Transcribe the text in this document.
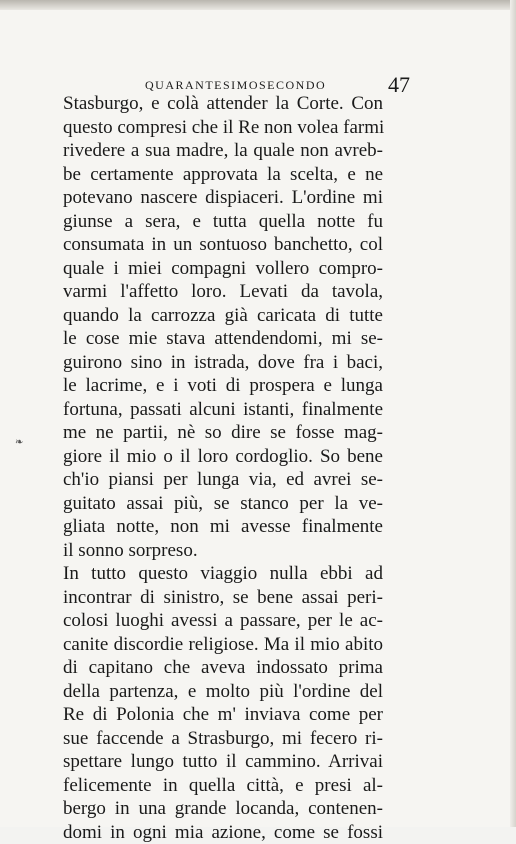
QUARANTESIMOSECONDO	47
❧
Stasburgo, e colà attender la Corte. Con
questo compresi che il Re non volea farmi
rivedere a sua madre, la quale non avreb-
be certamente approvata la scelta, e ne
potevano nascere dispiaceri. L'ordine mi
giunse a sera, e tutta quella notte fu
consumata in un sontuoso banchetto, col
quale i miei compagni vollero compro-
varmi l'affetto loro. Levati da tavola,
quando la carrozza già caricata di tutte
le cose mie stava attendendomi, mi se-
guirono sino in istrada, dove fra i baci,
le lacrime, e i voti di prospera e lunga
fortuna, passati alcuni istanti, finalmente
me ne partii, nè so dire se fosse mag-
giore il mio o il loro cordoglio. So bene
ch'io piansi per lunga via, ed avrei se-
guitato assai più, se stanco per la ve-
gliata notte, non mi avesse finalmente
il sonno sorpreso.
In tutto questo viaggio nulla ebbi ad
incontrar di sinistro, se bene assai peri-
colosi luoghi avessi a passare, per le ac-
canite discordie religiose. Ma il mio abito
di capitano che aveva indossato prima
della partenza, e molto più l'ordine del
Re di Polonia che m' inviava come per
sue faccende a Strasburgo, mi fecero ri-
spettare lungo tutto il cammino. Arrivai
felicemente in quella città, e presi al-
bergo in una grande locanda, contenen-
domi in ogni mia azione, come se fossi
